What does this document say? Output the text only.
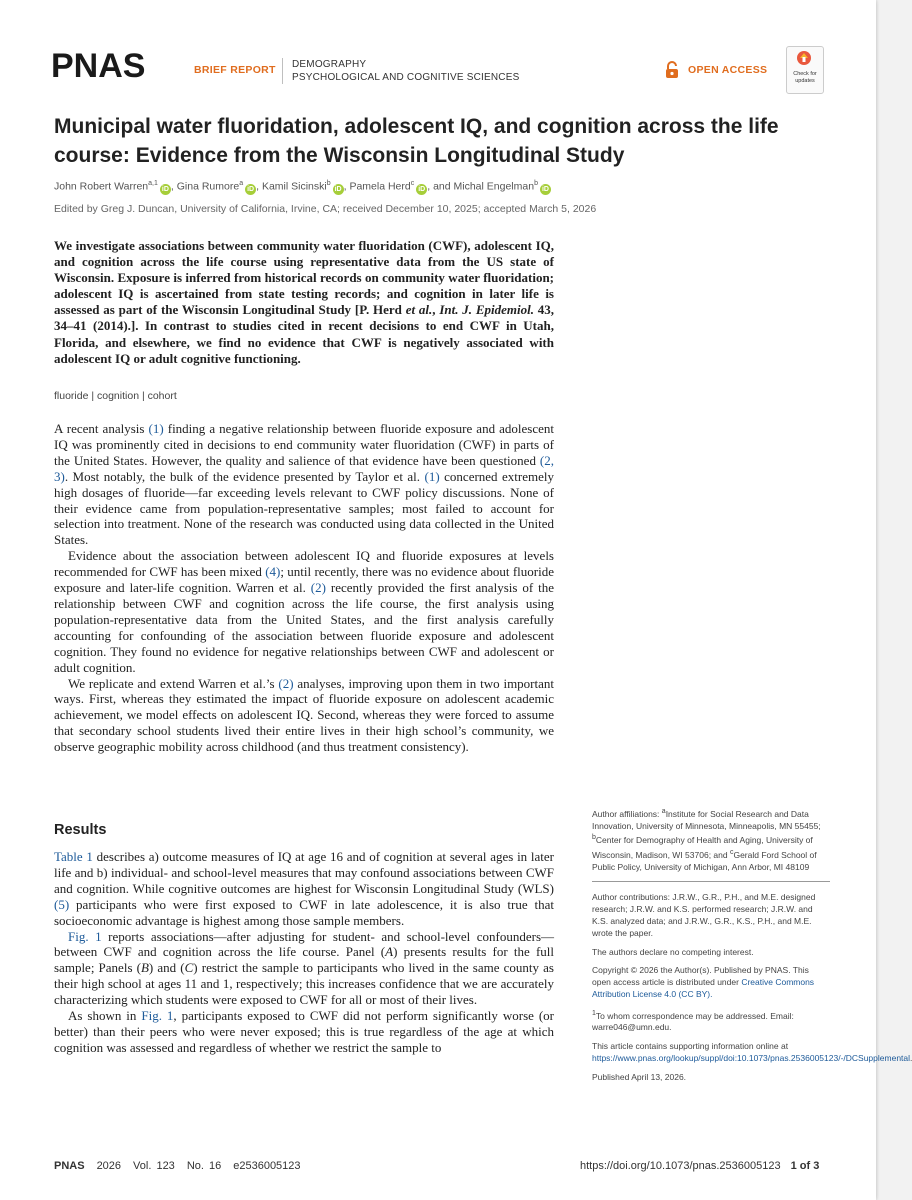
PNAS	BRIEF REPORT DEMOGRAPHY
PSYCHOLOGICAL AND COGNITIVE SCIENCES
OPEN ACCESS	Check for
updates
Municipal water fluoridation, adolescent IQ, and cognition across the life course: Evidence from the Wisconsin Longitudinal Study
John Robert Warren$^{a,1}$iD , Gina Rumore$^a$iD , Kamil Sicinski$^b$iD , Pamela Herd$^c$iD , and Michal Engelman$^b$iD
Edited by Greg J. Duncan, University of California, Irvine, CA; received December 10, 2025; accepted March 5, 2026
We investigate associations between community water fluoridation (CWF), adolescent IQ, and cognition across the life course using representative data from the US state of Wisconsin. Exposure is inferred from historical records on community water fluoridation; adolescent IQ is ascertained from state testing records; and cognition in later life is assessed as part of the Wisconsin Longitudinal Study [P. Herd et al., Int. J. Epidemiol. 43, 34–41 (2014).]. In contrast to studies cited in recent decisions to end CWF in Utah, Florida, and elsewhere, we find no evidence that CWF is negatively associated with adolescent IQ or adult cognitive functioning.
fluoride | cognition | cohort

A recent analysis (1) finding a negative relationship between fluoride exposure and adolescent IQ was prominently cited in decisions to end community water fluoridation (CWF) in parts of the United States. However, the quality and salience of that evidence have been questioned (2, 3). Most notably, the bulk of the evidence presented by Taylor et al. (1) concerned extremely high dosages of fluoride—far exceeding levels relevant to CWF policy discussions. None of their evidence came from population-representative samples; most failed to account for selection into treatment. None of the research was conducted using data collected in the United States.

Evidence about the association between adolescent IQ and fluoride exposures at levels recommended for CWF has been mixed (4); until recently, there was no evidence about fluoride exposure and later-life cognition. Warren et al. (2) recently provided the first analysis of the relationship between CWF and cognition across the life course, the first analysis using population-representative data from the United States, and the first analysis carefully accounting for confounding of the association between fluoride exposure and adolescent cognition. They found no evidence for negative relationships between CWF and adolescent or adult cognition.

We replicate and extend Warren et al.’s (2) analyses, improving upon them in two important ways. First, whereas they estimated the impact of fluoride exposure on adolescent academic achievement, we model effects on adolescent IQ. Second, whereas they were forced to assume that secondary school students lived their entire lives in their high school’s community, we observe geographic mobility across childhood (and thus treatment consistency).

Results

Table 1 describes a) outcome measures of IQ at age 16 and of cognition at several ages in later life and b) individual- and school-level measures that may confound associations between CWF and cognition. While cognitive outcomes are highest for Wisconsin Longitudinal Study (WLS) (5) participants who were first exposed to CWF in late adolescence, it is also true that socioeconomic advantage is highest among those sample members.

Fig. 1 reports associations—after adjusting for student- and school-level confounders—between CWF and cognition across the life course. Panel (A) presents results for the full sample; Panels (B) and (C) restrict the sample to participants who lived in the same county as their high school at ages 11 and 1, respectively; this increases confidence that we are accurately characterizing which students were exposed to CWF for all or most of their lives.

As shown in Fig. 1, participants exposed to CWF did not perform significantly worse (or better) than their peers who were never exposed; this is true regardless of the age at which cognition was assessed and regardless of whether we restrict the sample to

Author affiliations: $^a$Institute for Social Research and Data Innovation, University of Minnesota, Minneapolis, MN 55455; $^b$Center for Demography of Health and Aging, University of Wisconsin, Madison, WI 53706; and $^c$Gerald Ford School of Public Policy, University of Michigan, Ann Arbor, MI 48109
Author contributions: J.R.W., G.R., P.H., and M.E. designed research; J.R.W. and K.S. performed research; J.R.W. and K.S. analyzed data; and J.R.W., G.R., K.S., P.H., and M.E. wrote the paper.
The authors declare no competing interest.
Copyright © 2026 the Author(s). Published by PNAS. This open access article is distributed under Creative Commons Attribution License 4.0 (CC BY).
$^1$To whom correspondence may be addressed. Email: warre046@umn.edu.
This article contains supporting information online at https://www.pnas.org/lookup/suppl/doi:10.1073/pnas.2536005123/-/DCSupplemental
Published April 13, 2026.
PNAS 2026 Vol. 123 No. 16 e2536005123	https://doi.org/10.1073/pnas.2536005123 1 of 3
